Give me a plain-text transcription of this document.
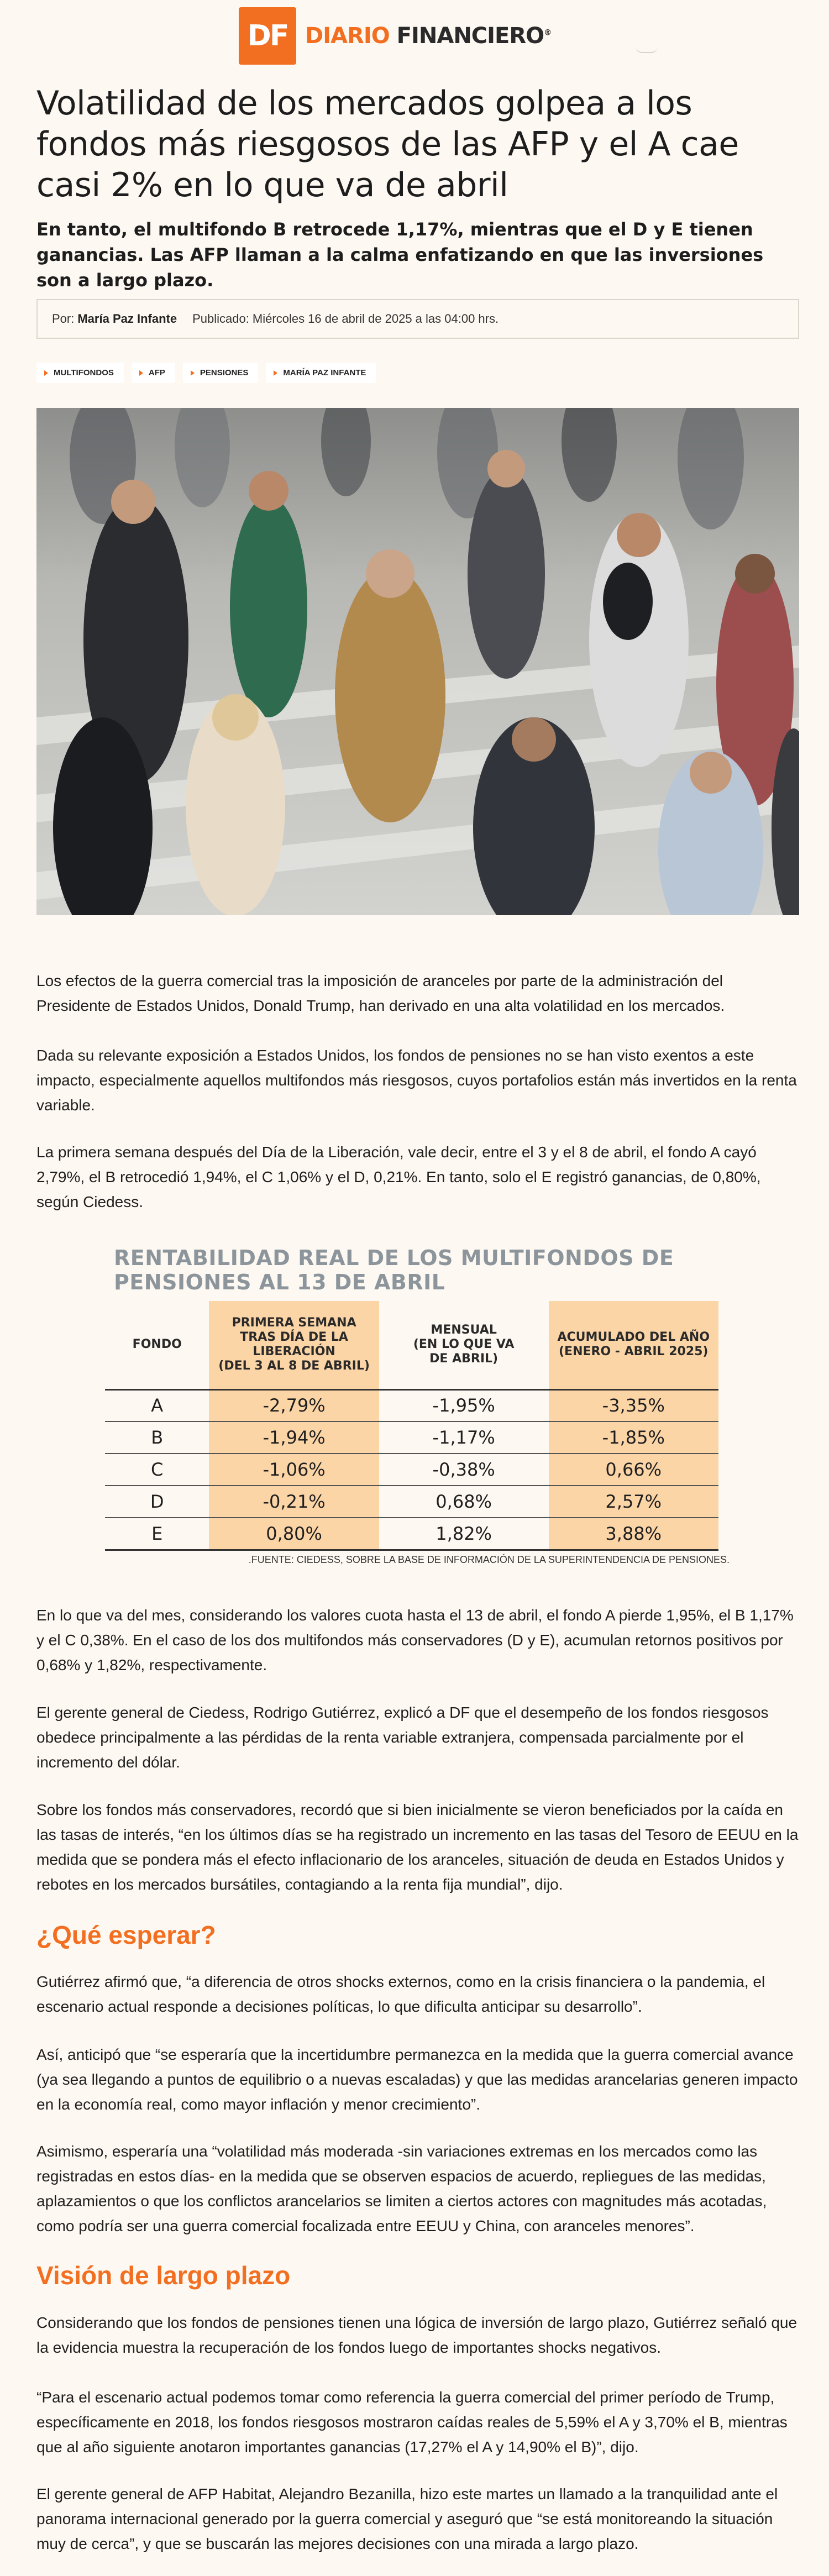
DF DIARIO FINANCIERO®
Volatilidad de los mercados golpea a los fondos más riesgosos de las AFP y el A cae casi 2% en lo que va de abril

En tanto, el multifondo B retrocede 1,17%, mientras que el D y E tienen ganancias. Las AFP llaman a la calma enfatizando en que las inversiones son a largo plazo.

Por: María Paz Infante Publicado: Miércoles 16 de abril de 2025 a las 04:00 hrs.
MULTIFONDOS	AFP	PENSIONES	MARÍA PAZ INFANTE

Los efectos de la guerra comercial tras la imposición de aranceles por parte de la administración del Presidente de Estados Unidos, Donald Trump, han derivado en una alta volatilidad en los mercados.

Dada su relevante exposición a Estados Unidos, los fondos de pensiones no se han visto exentos a este impacto, especialmente aquellos multifondos más riesgosos, cuyos portafolios están más invertidos en la renta variable.

La primera semana después del Día de la Liberación, vale decir, entre el 3 y el 8 de abril, el fondo A cayó 2,79%, el B retrocedió 1,94%, el C 1,06% y el D, 0,21%. En tanto, solo el E registró ganancias, de 0,80%, según Ciedess.

En lo que va del mes, considerando los valores cuota hasta el 13 de abril, el fondo A pierde 1,95%, el B 1,17% y el C 0,38%. En el caso de los dos multifondos más conservadores (D y E), acumulan retornos positivos por 0,68% y 1,82%, respectivamente.

El gerente general de Ciedess, Rodrigo Gutiérrez, explicó a DF que el desempeño de los fondos riesgosos obedece principalmente a las pérdidas de la renta variable extranjera, compensada parcialmente por el incremento del dólar.

Sobre los fondos más conservadores, recordó que si bien inicialmente se vieron beneficiados por la caída en las tasas de interés, “en los últimos días se ha registrado un incremento en las tasas del Tesoro de EEUU en la medida que se pondera más el efecto inflacionario de los aranceles, situación de deuda en Estados Unidos y rebotes en los mercados bursátiles, contagiando a la renta fija mundial”, dijo.

Gutiérrez afirmó que, “a diferencia de otros shocks externos, como en la crisis financiera o la pandemia, el escenario actual responde a decisiones políticas, lo que dificulta anticipar su desarrollo”.

Así, anticipó que “se esperaría que la incertidumbre permanezca en la medida que la guerra comercial avance (ya sea llegando a puntos de equilibrio o a nuevas escaladas) y que las medidas arancelarias generen impacto en la economía real, como mayor inflación y menor crecimiento”.

Asimismo, esperaría una “volatilidad más moderada -sin variaciones extremas en los mercados como las registradas en estos días- en la medida que se observen espacios de acuerdo, repliegues de las medidas, aplazamientos o que los conflictos arancelarios se limiten a ciertos actores con magnitudes más acotadas, como podría ser una guerra comercial focalizada entre EEUU y China, con aranceles menores”.

Considerando que los fondos de pensiones tienen una lógica de inversión de largo plazo, Gutiérrez señaló que la evidencia muestra la recuperación de los fondos luego de importantes shocks negativos.

“Para el escenario actual podemos tomar como referencia la guerra comercial del primer período de Trump, específicamente en 2018, los fondos riesgosos mostraron caídas reales de 5,59% el A y 3,70% el B, mientras que al año siguiente anotaron importantes ganancias (17,27% el A y 14,90% el B)”, dijo.

El gerente general de AFP Habitat, Alejandro Bezanilla, hizo este martes un llamado a la tranquilidad ante el panorama internacional generado por la guerra comercial y aseguró que “se está monitoreando la situación muy de cerca”, y que se buscarán las mejores decisiones con una mirada a largo plazo.

¿Qué esperar?
Visión de largo plazo
RENTABILIDAD REAL DE LOS MULTIFONDOS DE PENSIONES AL 13 DE ABRIL
FONDO	PRIMERA SEMANA
TRAS DÍA DE LA
LIBERACIÓN
(DEL 3 AL 8 DE ABRIL)	MENSUAL
(EN LO QUE VA
DE ABRIL)	ACUMULADO DEL AÑO
(ENERO - ABRIL 2025)	
A	-2,79%	-1,95%	-3,35%	
B	-1,94%	-1,17%	-1,85%	
C	-1,06%	-0,38%	0,66%	
D	-0,21%	0,68%	2,57%	
E	0,80%	1,82%	3,88%	
.FUENTE: CIEDESS, SOBRE LA BASE DE INFORMACIÓN DE LA SUPERINTENDENCIA DE PENSIONES.
